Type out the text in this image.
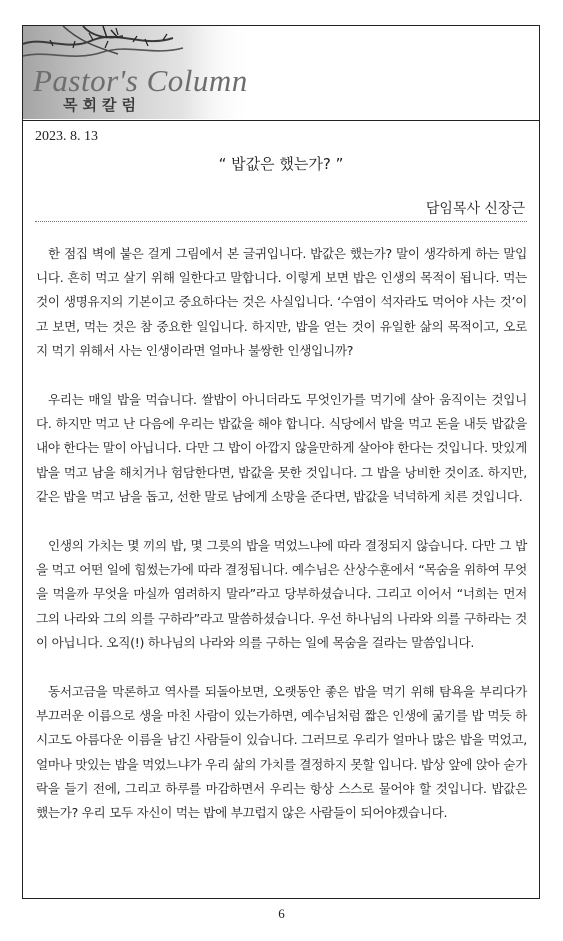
Pastor's Column
목회칼럼
2023. 8. 13
“ 밥값은 했는가? ”
담임목사 신장근

한 점집 벽에 붙은 걸게 그림에서 본 글귀입니다. 밥값은 했는가? 말이 생각하게 하는 말입니다. 흔히 먹고 살기 위해 일한다고 말합니다. 이렇게 보면 밥은 인생의 목적이 됩니다. 먹는 것이 생명유지의 기본이고 중요하다는 것은 사실입니다. ‘수염이 석자라도 먹어야 사는 것’이고 보면, 먹는 것은 참 중요한 일입니다. 하지만, 밥을 얻는 것이 유일한 삶의 목적이고, 오로지 먹기 위해서 사는 인생이라면 얼마나 불쌍한 인생입니까?

우리는 매일 밥을 먹습니다. 쌀밥이 아니더라도 무엇인가를 먹기에 살아 움직이는 것입니다. 하지만 먹고 난 다음에 우리는 밥값을 해야 합니다. 식당에서 밥을 먹고 돈을 내듯 밥값을 내야 한다는 말이 아닙니다. 다만 그 밥이 아깝지 않을만하게 살아야 한다는 것입니다. 맛있게 밥을 먹고 남을 해치거나 험담한다면, 밥값을 못한 것입니다. 그 밥을 낭비한 것이죠. 하지만, 같은 밥을 먹고 남을 돕고, 선한 말로 남에게 소망을 준다면, 밥값을 넉넉하게 치른 것입니다.

인생의 가치는 몇 끼의 밥, 몇 그릇의 밥을 먹었느냐에 따라 결정되지 않습니다. 다만 그 밥을 먹고 어떤 일에 힘썼는가에 따라 결정됩니다. 예수님은 산상수훈에서 “목숨을 위하여 무엇을 먹을까 무엇을 마실까 염려하지 말라”라고 당부하셨습니다. 그리고 이어서 “너희는 먼저 그의 나라와 그의 의를 구하라”라고 말씀하셨습니다. 우선 하나님의 나라와 의를 구하라는 것이 아닙니다. 오직(!) 하나님의 나라와 의를 구하는 일에 목숨을 걸라는 말씀입니다.

동서고금을 막론하고 역사를 되돌아보면, 오랫동안 좋은 밥을 먹기 위해 탐욕을 부리다가 부끄러운 이름으로 생을 마친 사람이 있는가하면, 예수님처럼 짧은 인생에 굶기를 밥 먹듯 하시고도 아름다운 이름을 남긴 사람들이 있습니다. 그러므로 우리가 얼마나 많은 밥을 먹었고, 얼마나 맛있는 밥을 먹었느냐가 우리 삶의 가치를 결정하지 못할 입니다. 밥상 앞에 앉아 숟가락을 들기 전에, 그리고 하루를 마감하면서 우리는 항상 스스로 물어야 할 것입니다. 밥값은 했는가? 우리 모두 자신이 먹는 밥에 부끄럽지 않은 사람들이 되어야겠습니다.

6
